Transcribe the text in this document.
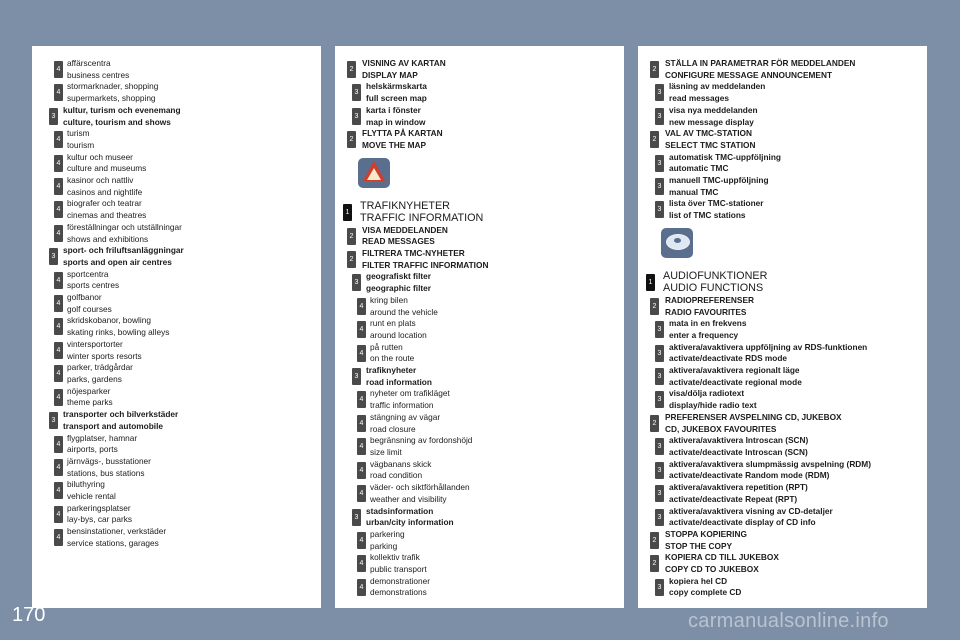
4
affärscentra
business centres
4
stormarknader, shopping
supermarkets, shopping
3
kultur, turism och evenemang
culture, tourism and shows
4
turism
tourism
4
kultur och museer
culture and museums
4
kasinor och nattliv
casinos and nightlife
4
biografer och teatrar
cinemas and theatres
4
föreställningar och utställningar
shows and exhibitions
3
sport- och friluftsanläggningar
sports and open air centres
4
sportcentra
sports centres
4
golfbanor
golf courses
4
skridskobanor, bowling
skating rinks, bowling alleys
4
vintersportorter
winter sports resorts
4
parker, trädgårdar
parks, gardens
4
nöjesparker
theme parks
3
transporter och bilverkstäder
transport and automobile
4
flygplatser, hamnar
airports, ports
4
järnvägs-, busstationer
stations, bus stations
4
biluthyring
vehicle rental
4
parkeringsplatser
lay-bys, car parks
4
bensinstationer, verkstäder
service stations, garages
2
VISNING AV KARTAN
DISPLAY MAP
3
helskärmskarta
full screen map
3
karta i fönster
map in window
2
FLYTTA PÅ KARTAN
MOVE THE MAP
1
TRAFIKNYHETER
TRAFFIC INFORMATION
2
VISA MEDDELANDEN
READ MESSAGES
2
FILTRERA TMC-NYHETER
FILTER TRAFFIC INFORMATION
3
geografiskt filter
geographic filter
4
kring bilen
around the vehicle
4
runt en plats
around location
4
på rutten
on the route
3
trafiknyheter
road information
4
nyheter om trafikläget
traffic information
4
stängning av vägar
road closure
4
begränsning av fordonshöjd
size limit
4
vägbanans skick
road condition
4
väder- och siktförhållanden
weather and visibility
3
stadsinformation
urban/city information
4
parkering
parking
4
kollektiv trafik
public transport
4
demonstrationer
demonstrations
2
STÄLLA IN PARAMETRAR FÖR MEDDELANDEN
CONFIGURE MESSAGE ANNOUNCEMENT
3
läsning av meddelanden
read messages
3
visa nya meddelanden
new message display
2
VAL AV TMC-STATION
SELECT TMC STATION
3
automatisk TMC-uppföljning
automatic TMC
3
manuell TMC-uppföljning
manual TMC
3
lista över TMC-stationer
list of TMC stations
1
AUDIOFUNKTIONER
AUDIO FUNCTIONS
2
RADIOPREFERENSER
RADIO FAVOURITES
3
mata in en frekvens
enter a frequency
3
aktivera/avaktivera uppföljning av RDS-funktionen
activate/deactivate RDS mode
3
aktivera/avaktivera regionalt läge
activate/deactivate regional mode
3
visa/dölja radiotext
display/hide radio text
2
PREFERENSER AVSPELNING CD, JUKEBOX
CD, JUKEBOX FAVOURITES
3
aktivera/avaktivera Introscan (SCN)
activate/deactivate Introscan (SCN)
3
aktivera/avaktivera slumpmässig avspelning (RDM)
activate/deactivate Random mode (RDM)
3
aktivera/avaktivera repetition (RPT)
activate/deactivate Repeat (RPT)
3
aktivera/avaktivera visning av CD-detaljer
activate/deactivate display of CD info
2
STOPPA KOPIERING
STOP THE COPY
2
KOPIERA CD TILL JUKEBOX
COPY CD TO JUKEBOX
3
kopiera hel CD
copy complete CD
170	carmanualsonline.info
